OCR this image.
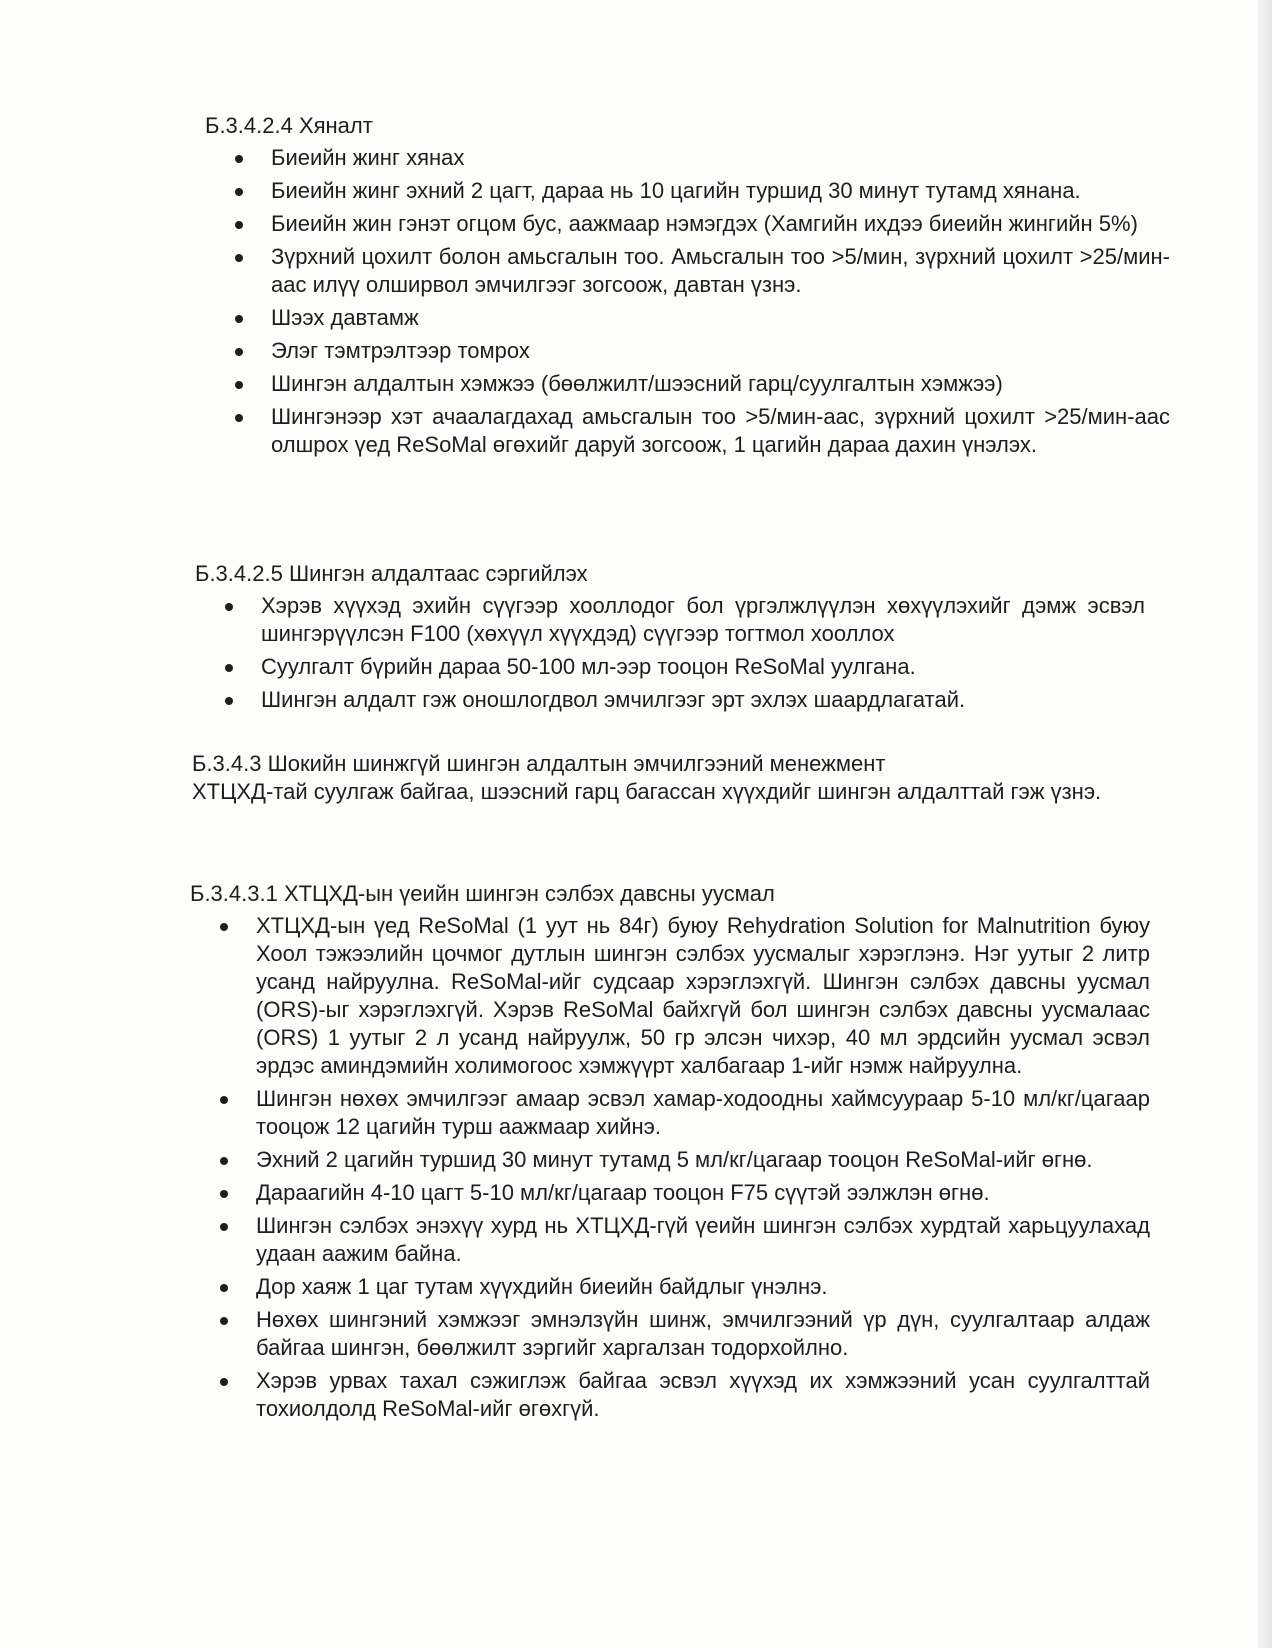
Б.3.4.2.4 Хяналт
Биеийн жинг хянах
Биеийн жинг эхний 2 цагт, дараа нь 10 цагийн туршид 30 минут тутамд хянана.
Биеийн жин гэнэт огцом бус, аажмаар нэмэгдэх (Хамгийн ихдээ биеийн жингийн 5%)
Зүрхний цохилт болон амьсгалын тоо. Амьсгалын тоо >5/мин, зүрхний цохилт >25/мин-аас илүү олширвол эмчилгээг зогсоож, давтан үзнэ.
Шээх давтамж
Элэг тэмтрэлтээр томрох
Шингэн алдалтын хэмжээ (бөөлжилт/шээсний гарц/суулгалтын хэмжээ)
Шингэнээр хэт ачаалагдахад амьсгалын тоо >5/мин-аас, зүрхний цохилт >25/мин-аас олшрох үед ReSoMal өгөхийг даруй зогсоож, 1 цагийн дараа дахин үнэлэх.
Б.3.4.2.5 Шингэн алдалтаас сэргийлэх
Хэрэв хүүхэд эхийн сүүгээр хооллодог бол үргэлжлүүлэн хөхүүлэхийг дэмж эсвэл шингэрүүлсэн F100 (хөхүүл хүүхдэд) сүүгээр тогтмол хооллох
Суулгалт бүрийн дараа 50-100 мл-ээр тооцон ReSoMal уулгана.
Шингэн алдалт гэж оношлогдвол эмчилгээг эрт эхлэх шаардлагатай.
Б.3.4.3 Шокийн шинжгүй шингэн алдалтын эмчилгээний менежмент

ХТЦХД-тай суулгаж байгаа, шээсний гарц багассан хүүхдийг шингэн алдалттай гэж үзнэ.

Б.3.4.3.1 ХТЦХД-ын үеийн шингэн сэлбэх давсны уусмал
ХТЦХД-ын үед ReSoMal (1 уут нь 84г) буюу Rehydration Solution for Malnutrition буюу Хоол тэжээлийн цочмог дутлын шингэн сэлбэх уусмалыг хэрэглэнэ. Нэг уутыг 2 литр усанд найруулна. ReSoMal-ийг судсаар хэрэглэхгүй. Шингэн сэлбэх давсны уусмал (ORS)-ыг хэрэглэхгүй. Хэрэв ReSoMal байхгүй бол шингэн сэлбэх давсны уусмалаас (ORS) 1 уутыг 2 л усанд найруулж, 50 гр элсэн чихэр, 40 мл эрдсийн уусмал эсвэл эрдэс аминдэмийн холимогоос хэмжүүрт халбагаар 1-ийг нэмж найруулна.
Шингэн нөхөх эмчилгээг амаар эсвэл хамар-ходоодны хаймсуураар 5-10 мл/кг/цагаар тооцож 12 цагийн турш аажмаар хийнэ.
Эхний 2 цагийн туршид 30 минут тутамд 5 мл/кг/цагаар тооцон ReSoMal-ийг өгнө.
Дараагийн 4-10 цагт 5-10 мл/кг/цагаар тооцон F75 сүүтэй ээлжлэн өгнө.
Шингэн сэлбэх энэхүү хурд нь ХТЦХД-гүй үеийн шингэн сэлбэх хурдтай харьцуулахад удаан аажим байна.
Дор хаяж 1 цаг тутам хүүхдийн биеийн байдлыг үнэлнэ.
Нөхөх шингэний хэмжээг эмнэлзүйн шинж, эмчилгээний үр дүн, суулгалтаар алдаж байгаа шингэн, бөөлжилт зэргийг харгалзан тодорхойлно.
Хэрэв урвах тахал сэжиглэж байгаа эсвэл хүүхэд их хэмжээний усан суулгалттай тохиолдолд ReSoMal-ийг өгөхгүй.
